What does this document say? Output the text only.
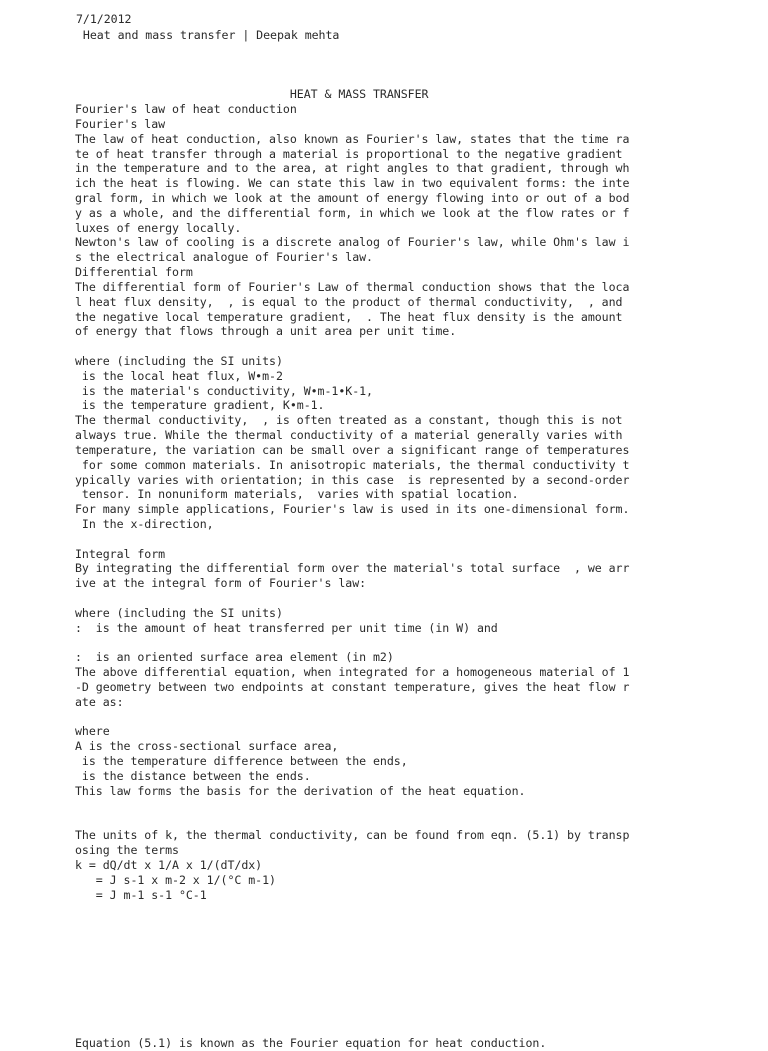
7/1/2012

Heat and mass transfer | Deepak mehta

HEAT & MASS TRANSFER

Fourier's law of heat conduction

Fourier's law

The law of heat conduction, also known as Fourier's law, states that the time ra

te of heat transfer through a material is proportional to the negative gradient

in the temperature and to the area, at right angles to that gradient, through wh

ich the heat is flowing. We can state this law in two equivalent forms: the inte

gral form, in which we look at the amount of energy flowing into or out of a bod

y as a whole, and the differential form, in which we look at the flow rates or f

luxes of energy locally.

Newton's law of cooling is a discrete analog of Fourier's law, while Ohm's law i

s the electrical analogue of Fourier's law.

Differential form

The differential form of Fourier's Law of thermal conduction shows that the loca

l heat flux density,  , is equal to the product of thermal conductivity,  , and

the negative local temperature gradient,  . The heat flux density is the amount

of energy that flows through a unit area per unit time.

where (including the SI units)

is the local heat flux, W•m-2

is the material's conductivity, W•m-1•K-1,

is the temperature gradient, K•m-1.

The thermal conductivity,  , is often treated as a constant, though this is not

always true. While the thermal conductivity of a material generally varies with

temperature, the variation can be small over a significant range of temperatures

for some common materials. In anisotropic materials, the thermal conductivity t

ypically varies with orientation; in this case  is represented by a second-order

tensor. In nonuniform materials,  varies with spatial location.

For many simple applications, Fourier's law is used in its one-dimensional form.

In the x-direction,

Integral form

By integrating the differential form over the material's total surface  , we arr

ive at the integral form of Fourier's law:

where (including the SI units)

:  is the amount of heat transferred per unit time (in W) and

:  is an oriented surface area element (in m2)

The above differential equation, when integrated for a homogeneous material of 1

-D geometry between two endpoints at constant temperature, gives the heat flow r

ate as:

where

A is the cross-sectional surface area,

is the temperature difference between the ends,

is the distance between the ends.

This law forms the basis for the derivation of the heat equation.

The units of k, the thermal conductivity, can be found from eqn. (5.1) by transp

osing the terms

k = dQ/dt x 1/A x 1/(dT/dx)

= J s-1 x m-2 x 1/(°C m-1)

= J m-1 s-1 °C-1

Equation (5.1) is known as the Fourier equation for heat conduction.
